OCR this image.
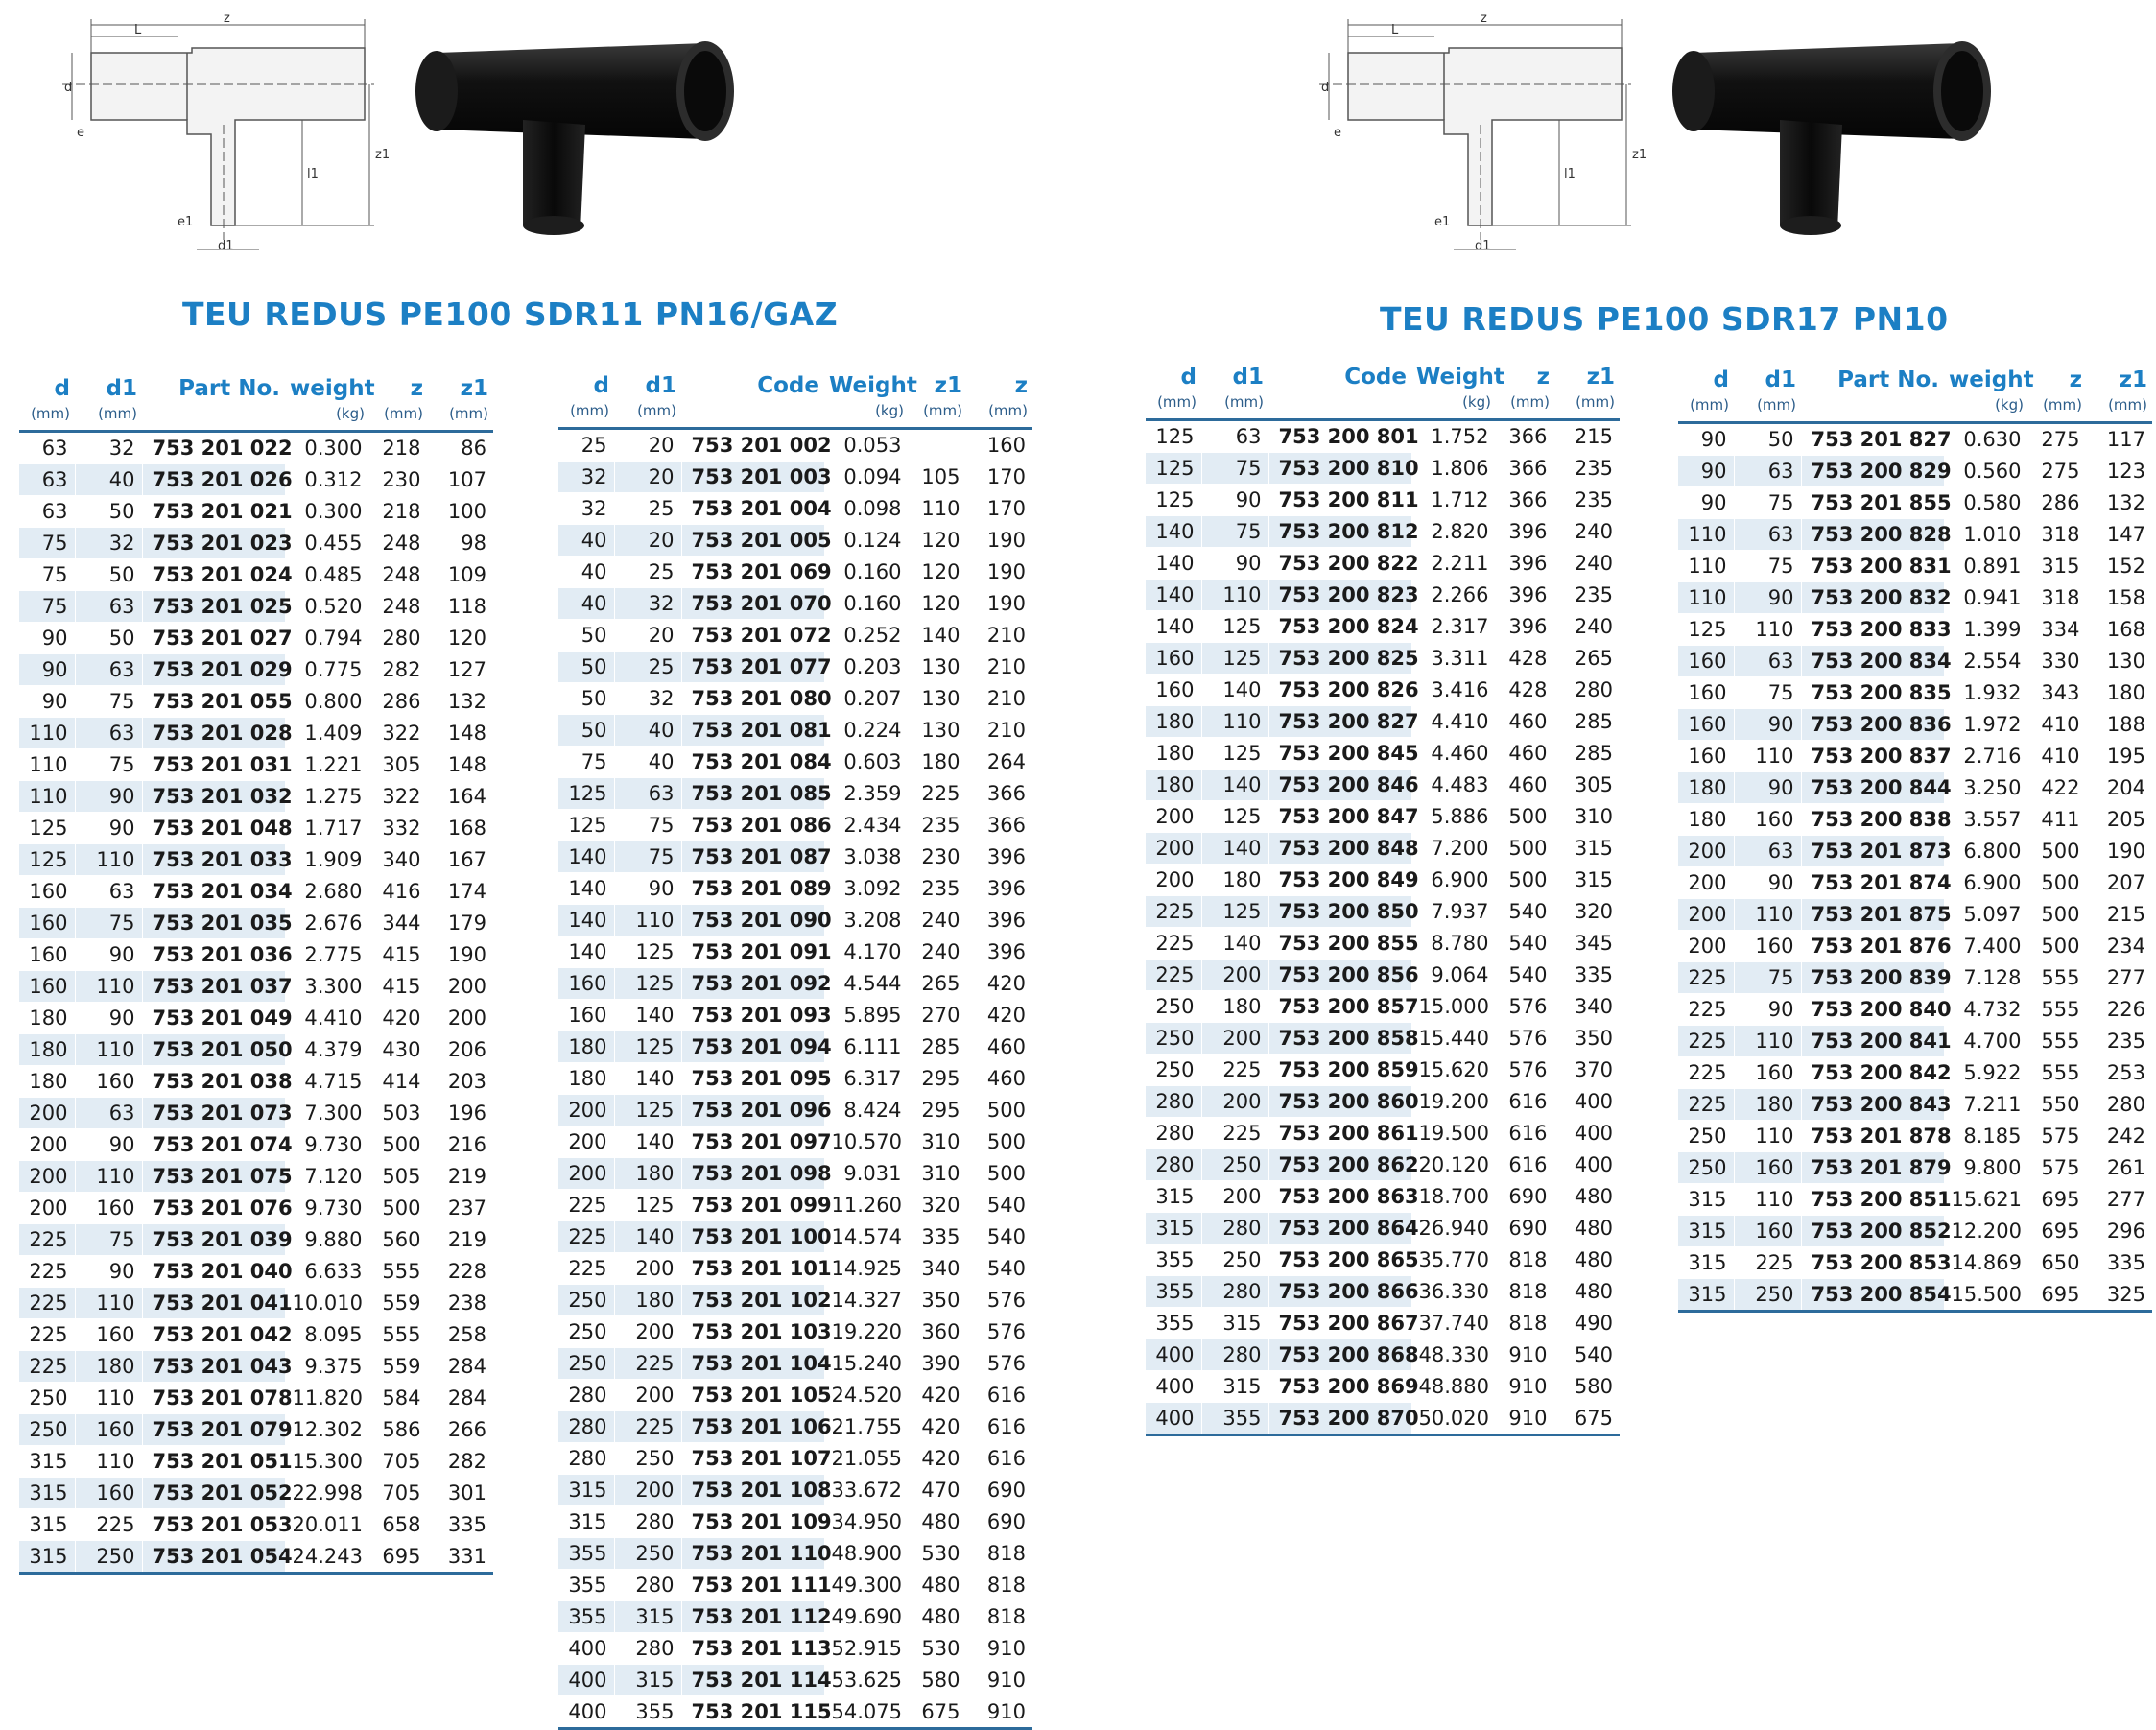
z
L
d
e
z1
l1
e1
d1
TEU REDUS PE100 SDR11 PN16/GAZ
d	d1	Part No.	weight	z	z1
(mm)	(mm)		(kg)	(mm)	(mm)
63	32	753 201 022	0.300	218	86
63	40	753 201 026	0.312	230	107
63	50	753 201 021	0.300	218	100
75	32	753 201 023	0.455	248	98
75	50	753 201 024	0.485	248	109
75	63	753 201 025	0.520	248	118
90	50	753 201 027	0.794	280	120
90	63	753 201 029	0.775	282	127
90	75	753 201 055	0.800	286	132
110	63	753 201 028	1.409	322	148
110	75	753 201 031	1.221	305	148
110	90	753 201 032	1.275	322	164
125	90	753 201 048	1.717	332	168
125	110	753 201 033	1.909	340	167
160	63	753 201 034	2.680	416	174
160	75	753 201 035	2.676	344	179
160	90	753 201 036	2.775	415	190
160	110	753 201 037	3.300	415	200
180	90	753 201 049	4.410	420	200
180	110	753 201 050	4.379	430	206
180	160	753 201 038	4.715	414	203
200	63	753 201 073	7.300	503	196
200	90	753 201 074	9.730	500	216
200	110	753 201 075	7.120	505	219
200	160	753 201 076	9.730	500	237
225	75	753 201 039	9.880	560	219
225	90	753 201 040	6.633	555	228
225	110	753 201 041	10.010	559	238
225	160	753 201 042	8.095	555	258
225	180	753 201 043	9.375	559	284
250	110	753 201 078	11.820	584	284
250	160	753 201 079	12.302	586	266
315	110	753 201 051	15.300	705	282
315	160	753 201 052	22.998	705	301
315	225	753 201 053	20.011	658	335
315	250	753 201 054	24.243	695	331
d	d1	Code	Weight	z1	z
(mm)	(mm)		(kg)	(mm)	(mm)
25	20	753 201 002	0.053		160
32	20	753 201 003	0.094	105	170
32	25	753 201 004	0.098	110	170
40	20	753 201 005	0.124	120	190
40	25	753 201 069	0.160	120	190
40	32	753 201 070	0.160	120	190
50	20	753 201 072	0.252	140	210
50	25	753 201 077	0.203	130	210
50	32	753 201 080	0.207	130	210
50	40	753 201 081	0.224	130	210
75	40	753 201 084	0.603	180	264
125	63	753 201 085	2.359	225	366
125	75	753 201 086	2.434	235	366
140	75	753 201 087	3.038	230	396
140	90	753 201 089	3.092	235	396
140	110	753 201 090	3.208	240	396
140	125	753 201 091	4.170	240	396
160	125	753 201 092	4.544	265	420
160	140	753 201 093	5.895	270	420
180	125	753 201 094	6.111	285	460
180	140	753 201 095	6.317	295	460
200	125	753 201 096	8.424	295	500
200	140	753 201 097	10.570	310	500
200	180	753 201 098	9.031	310	500
225	125	753 201 099	11.260	320	540
225	140	753 201 100	14.574	335	540
225	200	753 201 101	14.925	340	540
250	180	753 201 102	14.327	350	576
250	200	753 201 103	19.220	360	576
250	225	753 201 104	15.240	390	576
280	200	753 201 105	24.520	420	616
280	225	753 201 106	21.755	420	616
280	250	753 201 107	21.055	420	616
315	200	753 201 108	33.672	470	690
315	280	753 201 109	34.950	480	690
355	250	753 201 110	48.900	530	818
355	280	753 201 111	49.300	480	818
355	315	753 201 112	49.690	480	818
400	280	753 201 113	52.915	530	910
400	315	753 201 114	53.625	580	910
400	355	753 201 115	54.075	675	910
z
L
d
e
z1
l1
e1
d1
TEU REDUS PE100 SDR17 PN10
d	d1	Code	Weight	z	z1
(mm)	(mm)		(kg)	(mm)	(mm)
125	63	753 200 801	1.752	366	215
125	75	753 200 810	1.806	366	235
125	90	753 200 811	1.712	366	235
140	75	753 200 812	2.820	396	240
140	90	753 200 822	2.211	396	240
140	110	753 200 823	2.266	396	235
140	125	753 200 824	2.317	396	240
160	125	753 200 825	3.311	428	265
160	140	753 200 826	3.416	428	280
180	110	753 200 827	4.410	460	285
180	125	753 200 845	4.460	460	285
180	140	753 200 846	4.483	460	305
200	125	753 200 847	5.886	500	310
200	140	753 200 848	7.200	500	315
200	180	753 200 849	6.900	500	315
225	125	753 200 850	7.937	540	320
225	140	753 200 855	8.780	540	345
225	200	753 200 856	9.064	540	335
250	180	753 200 857	15.000	576	340
250	200	753 200 858	15.440	576	350
250	225	753 200 859	15.620	576	370
280	200	753 200 860	19.200	616	400
280	225	753 200 861	19.500	616	400
280	250	753 200 862	20.120	616	400
315	200	753 200 863	18.700	690	480
315	280	753 200 864	26.940	690	480
355	250	753 200 865	35.770	818	480
355	280	753 200 866	36.330	818	480
355	315	753 200 867	37.740	818	490
400	280	753 200 868	48.330	910	540
400	315	753 200 869	48.880	910	580
400	355	753 200 870	50.020	910	675
d	d1	Part No.	weight	z	z1
(mm)	(mm)		(kg)	(mm)	(mm)
90	50	753 201 827	0.630	275	117
90	63	753 200 829	0.560	275	123
90	75	753 201 855	0.580	286	132
110	63	753 200 828	1.010	318	147
110	75	753 200 831	0.891	315	152
110	90	753 200 832	0.941	318	158
125	110	753 200 833	1.399	334	168
160	63	753 200 834	2.554	330	130
160	75	753 200 835	1.932	343	180
160	90	753 200 836	1.972	410	188
160	110	753 200 837	2.716	410	195
180	90	753 200 844	3.250	422	204
180	160	753 200 838	3.557	411	205
200	63	753 201 873	6.800	500	190
200	90	753 201 874	6.900	500	207
200	110	753 201 875	5.097	500	215
200	160	753 201 876	7.400	500	234
225	75	753 200 839	7.128	555	277
225	90	753 200 840	4.732	555	226
225	110	753 200 841	4.700	555	235
225	160	753 200 842	5.922	555	253
225	180	753 200 843	7.211	550	280
250	110	753 201 878	8.185	575	242
250	160	753 201 879	9.800	575	261
315	110	753 200 851	15.621	695	277
315	160	753 200 852	12.200	695	296
315	225	753 200 853	14.869	650	335
315	250	753 200 854	15.500	695	325
